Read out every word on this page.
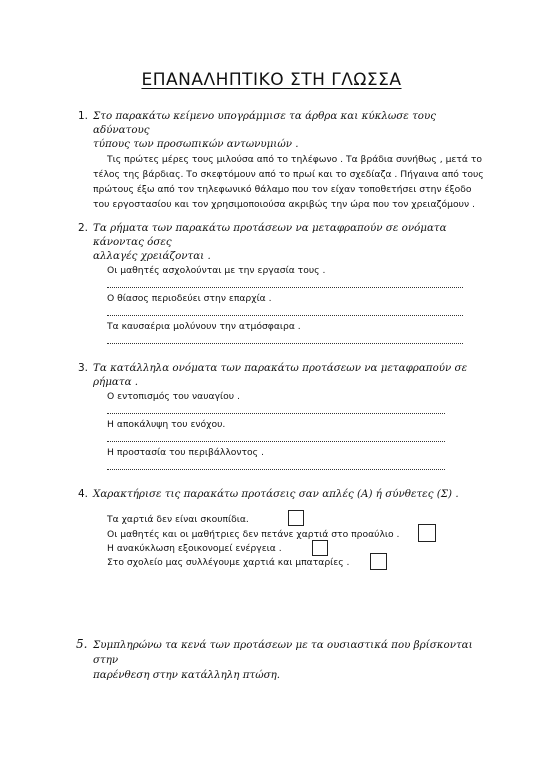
ΕΠΑΝΑΛΗΠΤΙΚΟ ΣΤΗ ΓΛΩΣΣΑ
1. Στο παρακάτω κείμενο υπογράμμισε τα άρθρα και κύκλωσε τους αδύνατους
τύπους των προσωπικών αντωνυμιών .
Τις πρώτες μέρες τους μιλούσα από το τηλέφωνο . Τα βράδια συνήθως , μετά το
τέλος της βάρδιας. Το σκεφτόμουν από το πρωί και το σχεδίαζα . Πήγαινα από τους
πρώτους έξω από τον τηλεφωνικό θάλαμο που τον είχαν τοποθετήσει στην έξοδο
του εργοστασίου και τον χρησιμοποιούσα ακριβώς την ώρα που τον χρειαζόμουν .
2. Τα ρήματα των παρακάτω προτάσεων να μεταφραπούν σε ονόματα κάνοντας όσες
αλλαγές χρειάζονται .
Οι μαθητές ασχολούνται με την εργασία τους .
Ο θίασος περιοδεύει στην επαρχία .
Τα καυσαέρια μολύνουν την ατμόσφαιρα .
3. Τα κατάλληλα ονόματα των παρακάτω προτάσεων να μεταφραπούν σε ρήματα .
Ο εντοπισμός του ναυαγίου .
Η αποκάλυψη του ενόχου.
Η προστασία του περιβάλλοντος .
4. Χαρακτήρισε τις παρακάτω προτάσεις σαν απλές (Α) ή σύνθετες (Σ) .
Τα χαρτιά δεν είναι σκουπίδια.
Οι μαθητές και οι μαθήτριες δεν πετάνε χαρτιά στο προαύλιο .
Η ανακύκλωση εξοικονομεί ενέργεια .
Στο σχολείο μας συλλέγουμε χαρτιά και μπαταρίες .
5. Συμπληρώνω τα κενά των προτάσεων με τα ουσιαστικά που βρίσκονται στην
παρένθεση στην κατάλληλη πτώση.
